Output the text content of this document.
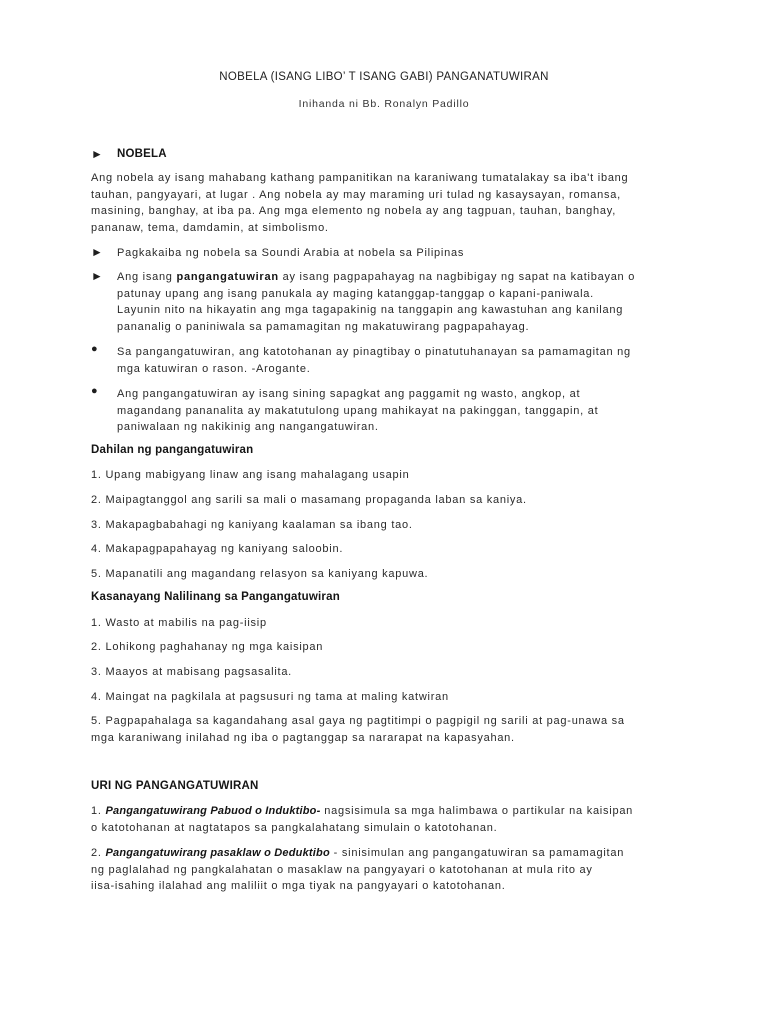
NOBELA (ISANG LIBO’ T ISANG GABI) PANGANATUWIRAN
Inihanda ni Bb. Ronalyn Padillo
► NOBELA
Ang nobela ay isang mahabang kathang pampanitikan na karaniwang tumatalakay sa iba't ibang
tauhan, pangyayari, at lugar . Ang nobela ay may maraming uri tulad ng kasaysayan, romansa,
masining, banghay, at iba pa. Ang mga elemento ng nobela ay ang tagpuan, tauhan, banghay,
pananaw, tema, damdamin, at simbolismo.
► Pagkakaiba ng nobela sa Soundi Arabia at nobela sa Pilipinas
► Ang isang pangangatuwiran ay isang pagpapahayag na nagbibigay ng sapat na katibayan o
patunay upang ang isang panukala ay maging katanggap-tanggap o kapani-paniwala.
Layunin nito na hikayatin ang mga tagapakinig na tanggapin ang kawastuhan ang kanilang
pananalig o paniniwala sa pamamagitan ng makatuwirang pagpapahayag.
● Sa pangangatuwiran, ang katotohanan ay pinagtibay o pinatutuhanayan sa pamamagitan ng
mga katuwiran o rason. -Arogante.
● Ang pangangatuwiran ay isang sining sapagkat ang paggamit ng wasto, angkop, at
magandang pananalita ay makatutulong upang mahikayat na pakinggan, tanggapin, at
paniwalaan ng nakikinig ang nangangatuwiran.
Dahilan ng pangangatuwiran
1. Upang mabigyang linaw ang isang mahalagang usapin
2. Maipagtanggol ang sarili sa mali o masamang propaganda laban sa kaniya.
3. Makapagbabahagi ng kaniyang kaalaman sa ibang tao.
4. Makapagpapahayag ng kaniyang saloobin.
5. Mapanatili ang magandang relasyon sa kaniyang kapuwa.
Kasanayang Nalilinang sa Pangangatuwiran
1. Wasto at mabilis na pag-iisip
2. Lohikong paghahanay ng mga kaisipan
3. Maayos at mabisang pagsasalita.
4. Maingat na pagkilala at pagsusuri ng tama at maling katwiran
5. Pagpapahalaga sa kagandahang asal gaya ng pagtitimpi o pagpigil ng sarili at pag-unawa sa
mga karaniwang inilahad ng iba o pagtanggap sa nararapat na kapasyahan.
URI NG PANGANGATUWIRAN
1. Pangangatuwirang Pabuod o Induktibo- nagsisimula sa mga halimbawa o partikular na kaisipan
o katotohanan at nagtatapos sa pangkalahatang simulain o katotohanan.
2. Pangangatuwirang pasaklaw o Deduktibo - sinisimulan ang pangangatuwiran sa pamamagitan
ng paglalahad ng pangkalahatan o masaklaw na pangyayari o katotohanan at mula rito ay
iisa-isahing ilalahad ang maliliit o mga tiyak na pangyayari o katotohanan.
